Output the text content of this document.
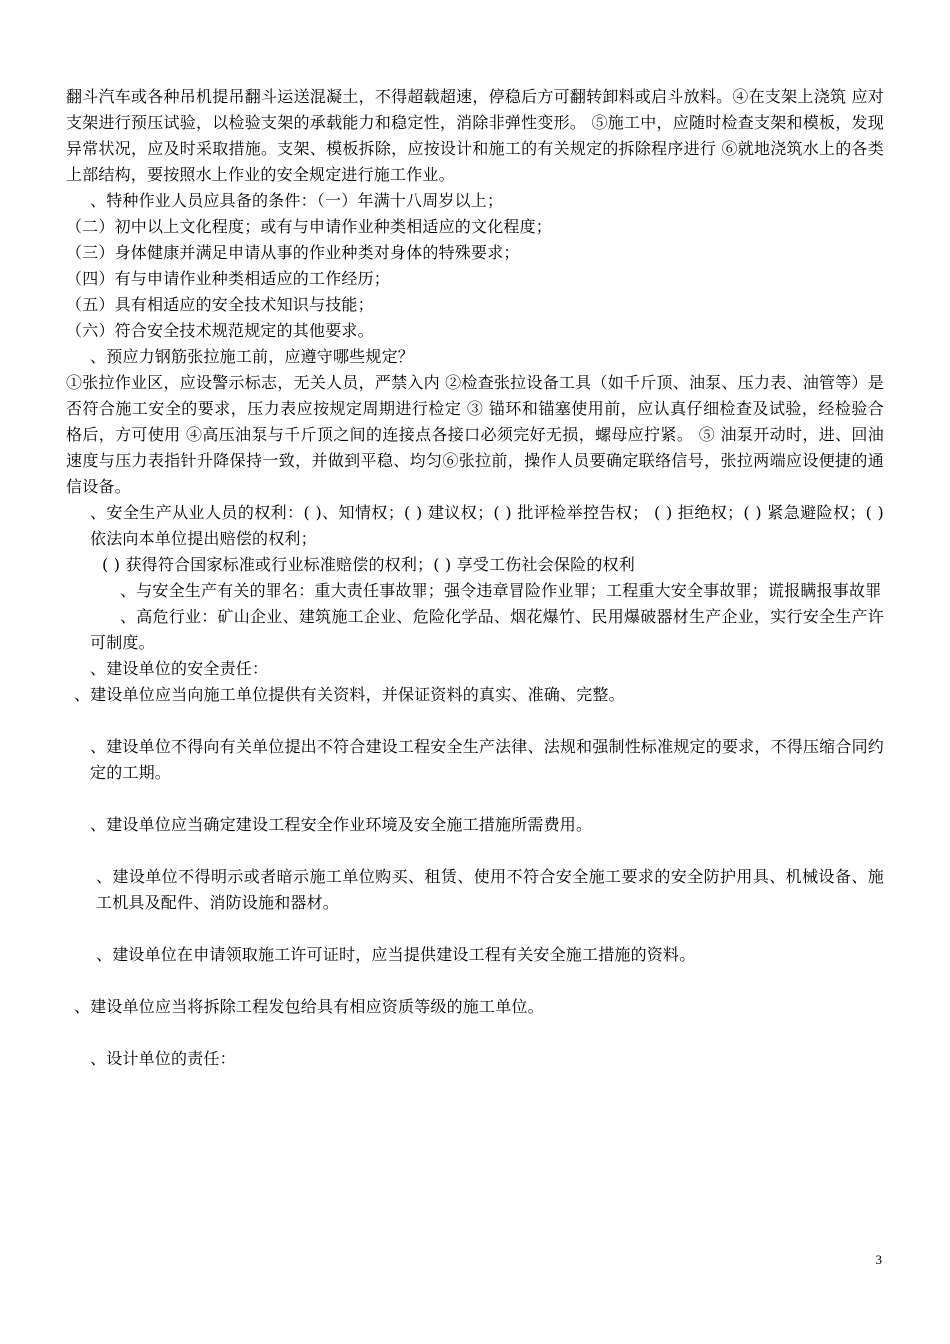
翻斗汽车或各种吊机提吊翻斗运送混凝土，不得超载超速，停稳后方可翻转卸料或启斗放料。④在支架上浇筑 应对支架进行预压试验，以检验支架的承载能力和稳定性，消除非弹性变形。 ⑤施工中，应随时检查支架和模板，发现异常状况，应及时采取措施。支架、模板拆除，应按设计和施工的有关规定的拆除程序进行 ⑥就地浇筑水上的各类上部结构，要按照水上作业的安全规定进行施工作业。

、特种作业人员应具备的条件：（一）年满十八周岁以上；

（二）初中以上文化程度；或有与申请作业种类相适应的文化程度；

（三）身体健康并满足申请从事的作业种类对身体的特殊要求；

（四）有与申请作业种类相适应的工作经历；

（五）具有相适应的安全技术知识与技能；

（六）符合安全技术规范规定的其他要求。

、预应力钢筋张拉施工前，应遵守哪些规定？

①张拉作业区，应设警示标志，无关人员，严禁入内 ②检查张拉设备工具（如千斤顶、油泵、压力表、油管等）是否符合施工安全的要求，压力表应按规定周期进行检定 ③ 锚环和锚塞使用前，应认真仔细检查及试验，经检验合格后，方可使用 ④高压油泵与千斤顶之间的连接点各接口必须完好无损，螺母应拧紧。 ⑤ 油泵开动时，进、回油速度与压力表指针升降保持一致，并做到平稳、均匀⑥张拉前，操作人员要确定联络信号，张拉两端应设便捷的通信设备。

、安全生产从业人员的权利：( )、知情权；( ) 建议权；( ) 批评检举控告权； ( ) 拒绝权；( ) 紧急避险权；( ) 依法向本单位提出赔偿的权利；

( ) 获得符合国家标准或行业标准赔偿的权利；( ) 享受工伤社会保险的权利

、与安全生产有关的罪名：重大责任事故罪；强令违章冒险作业罪；工程重大安全事故罪；谎报瞒报事故罪

、高危行业：矿山企业、建筑施工企业、危险化学品、烟花爆竹、民用爆破器材生产企业，实行安全生产许可制度。

、建设单位的安全责任：

、建设单位应当向施工单位提供有关资料，并保证资料的真实、准确、完整。

、建设单位不得向有关单位提出不符合建设工程安全生产法律、法规和强制性标准规定的要求，不得压缩合同约定的工期。

、建设单位应当确定建设工程安全作业环境及安全施工措施所需费用。

、建设单位不得明示或者暗示施工单位购买、租赁、使用不符合安全施工要求的安全防护用具、机械设备、施工机具及配件、消防设施和器材。

、建设单位在申请领取施工许可证时，应当提供建设工程有关安全施工措施的资料。

、建设单位应当将拆除工程发包给具有相应资质等级的施工单位。

、设计单位的责任：

3
